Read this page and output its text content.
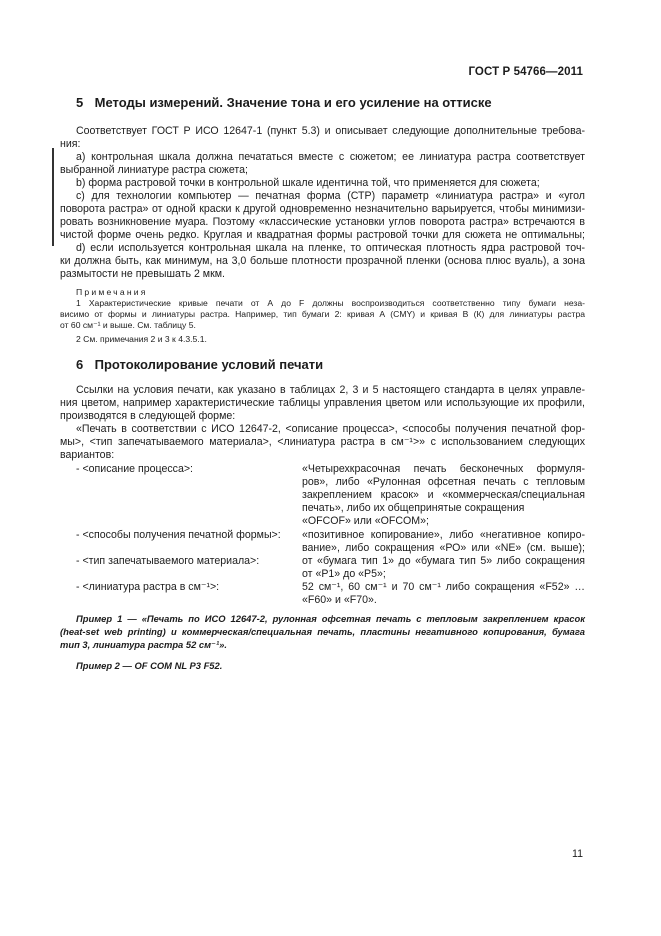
ГОСТ Р 54766—2011
5 Методы измерений. Значение тона и его усиление на оттиске
Соответствует ГОСТ Р ИСО 12647-1 (пункт 5.3) и описывает следующие дополнительные требова-
ния:
а) контрольная шкала должна печататься вместе с сюжетом; ее линиатура растра соответствует
выбранной линиатуре растра сюжета;
b) форма растровой точки в контрольной шкале идентична той, что применяется для сюжета;
с) для технологии компьютер — печатная форма (СТР) параметр «линиатура растра» и «угол
поворота растра» от одной краски к другой одновременно незначительно варьируется, чтобы минимизи-
ровать возникновение муара. Поэтому «классические установки углов поворота растра» встречаются в
чистой форме очень редко. Круглая и квадратная формы растровой точки для сюжета не оптимальны;
d) если используется контрольная шкала на пленке, то оптическая плотность ядра растровой точ-
ки должна быть, как минимум, на 3,0 больше плотности прозрачной пленки (основа плюс вуаль), а зона
размытости не превышать 2 мкм.
Примечания
1 Характеристические кривые печати от А до F должны воспроизводиться соответственно типу бумаги неза-
висимо от формы и линиатуры растра. Например, тип бумаги 2: кривая А (CMY) и кривая В (К) для линиатуры растра
от 60 см⁻¹ и выше. См. таблицу 5.
2 См. примечания 2 и 3 к 4.3.5.1.
6 Протоколирование условий печати
Ссылки на условия печати, как указано в таблицах 2, 3 и 5 настоящего стандарта в целях управле-
ния цветом, например характеристические таблицы управления цветом или использующие их профили,
производятся в следующей форме:
«Печать в соответствии с ИСО 12647-2, <описание процесса>, <способы получения печатной фор-
мы>, <тип запечатываемого материала>, <линиатура растра в см⁻¹>» с использованием следующих
вариантов:
- <описание процесса>:	«Четырехкрасочная печать бесконечных формуля-
ров», либо «Рулонная офсетная печать с тепловым
закреплением красок» и «коммерческая/специальная
печать», либо их общепринятые сокращения
«OFCOF» или «OFCOM»;
- <способы получения печатной формы>: «позитивное копирование», либо «негативное копиро-
вание», либо сокращения «РО» или «NE» (см. выше);
- <тип запечатываемого материала>:	от «бумага тип 1» до «бумага тип 5» либо сокращения
от «Р1» до «Р5»;
- <линиатура растра в см⁻¹>:	52 см⁻¹, 60 см⁻¹ и 70 см⁻¹ либо сокращения «F52» …
«F60» и «F70».
Пример 1 — «Печать по ИСО 12647-2, рулонная офсетная печать с тепловым закреплением красок
(heat-set web printing) и коммерческая/специальная печать, пластины негативного копирования, бумага
тип 3, линиатура растра 52 см⁻¹».
Пример 2 — OF COM NL P3 F52.
11
